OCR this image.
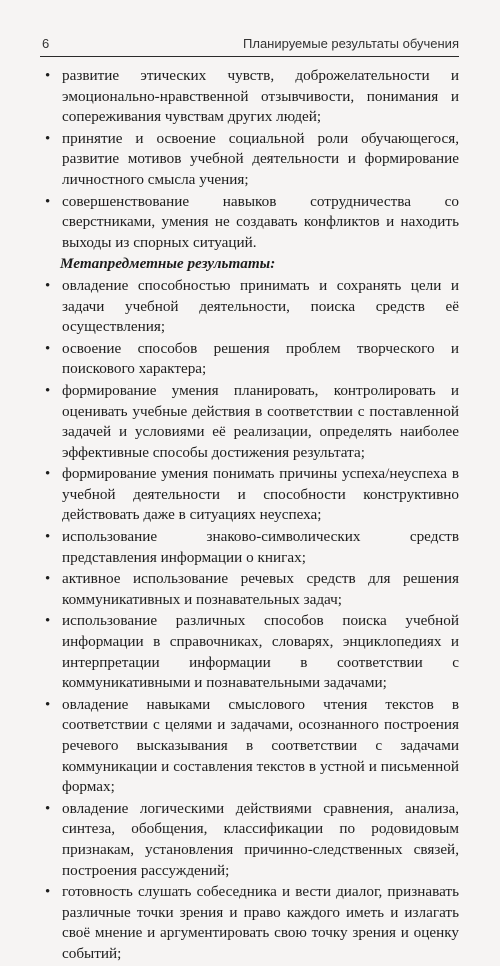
6	Планируемые результаты обучения
• развитие этических чувств, доброжелательности и эмоционально-нравственной отзывчивости, понимания и сопереживания чувствам других людей;
• принятие и освоение социальной роли обучающегося, развитие мотивов учебной деятельности и формирование личностного смысла учения;
• совершенствование навыков сотрудничества со сверстниками, умения не создавать конфликтов и находить выходы из спорных ситуаций.
Метапредметные результаты:
• овладение способностью принимать и сохранять цели и задачи учебной деятельности, поиска средств её осуществления;
• освоение способов решения проблем творческого и поискового характера;
• формирование умения планировать, контролировать и оценивать учебные действия в соответствии с поставленной задачей и условиями её реализации, определять наиболее эффективные способы достижения результата;
• формирование умения понимать причины успеха/неуспеха в учебной деятельности и способности конструктивно действовать даже в ситуациях неуспеха;
• использование знаково-символических средств представления информации о книгах;
• активное использование речевых средств для решения коммуникативных и познавательных задач;
• использование различных способов поиска учебной информации в справочниках, словарях, энциклопедиях и интерпретации информации в соответствии с коммуникативными и познавательными задачами;
• овладение навыками смыслового чтения текстов в соответствии с целями и задачами, осознанного построения речевого высказывания в соответствии с задачами коммуникации и составления текстов в устной и письменной формах;
• овладение логическими действиями сравнения, анализа, синтеза, обобщения, классификации по родовидовым признакам, установления причинно-следственных связей, построения рассуждений;
• готовность слушать собеседника и вести диалог, признавать различные точки зрения и право каждого иметь и излагать своё мнение и аргументировать свою точку зрения и оценку событий;
